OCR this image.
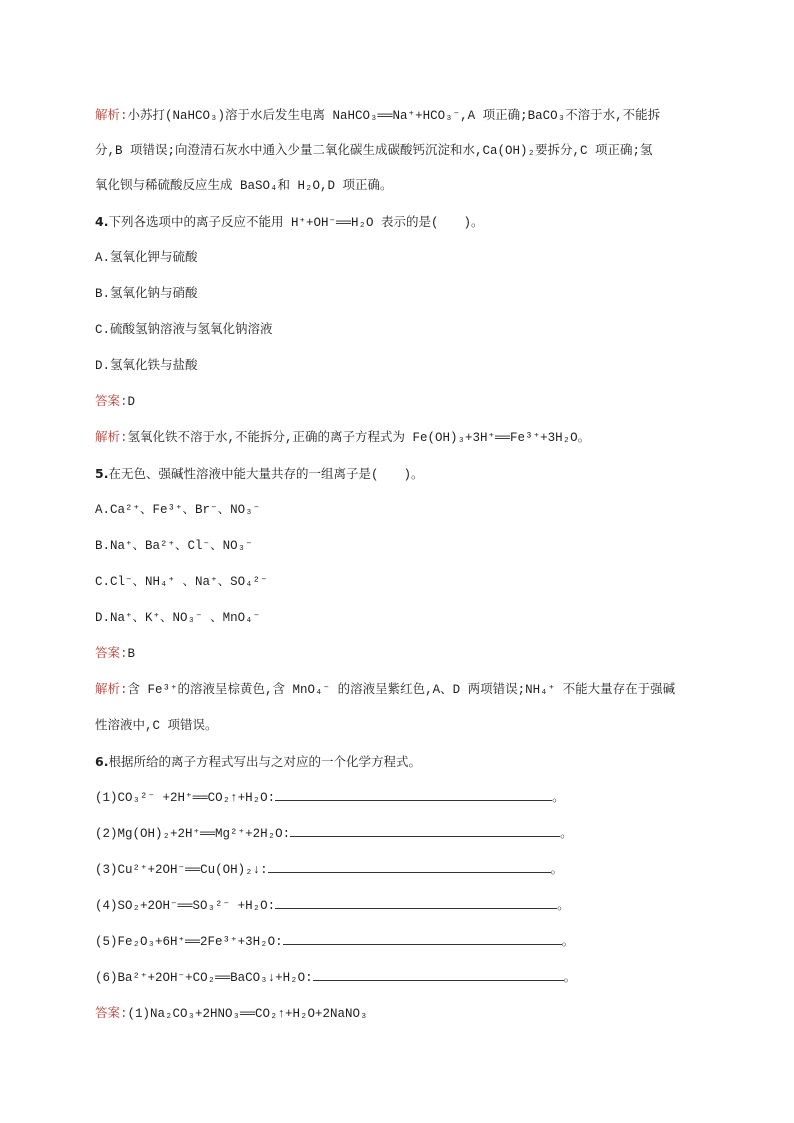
解析:小苏打(NaHCO₃)溶于水后发生电离 NaHCO₃══Na⁺+HCO₃⁻,A 项正确;BaCO₃不溶于水,不能拆
分,B 项错误;向澄清石灰水中通入少量二氧化碳生成碳酸钙沉淀和水,Ca(OH)₂要拆分,C 项正确;氢
氧化钡与稀硫酸反应生成 BaSO₄和 H₂O,D 项正确。
4.下列各选项中的离子反应不能用 H⁺+OH⁻══H₂O 表示的是(　　)。
A.氢氧化钾与硫酸
B.氢氧化钠与硝酸
C.硫酸氢钠溶液与氢氧化钠溶液
D.氢氧化铁与盐酸
答案:D
解析:氢氧化铁不溶于水,不能拆分,正确的离子方程式为 Fe(OH)₃+3H⁺══Fe³⁺+3H₂O。
5.在无色、强碱性溶液中能大量共存的一组离子是(　　)。
A.Ca²⁺、Fe³⁺、Br⁻、NO₃⁻
B.Na⁺、Ba²⁺、Cl⁻、NO₃⁻
C.Cl⁻、NH₄⁺ 、Na⁺、SO₄²⁻
D.Na⁺、K⁺、NO₃⁻ 、MnO₄⁻
答案:B
解析:含 Fe³⁺的溶液呈棕黄色,含 MnO₄⁻ 的溶液呈紫红色,A、D 两项错误;NH₄⁺ 不能大量存在于强碱
性溶液中,C 项错误。
6.根据所给的离子方程式写出与之对应的一个化学方程式。
(1)CO₃²⁻ +2H⁺══CO₂↑+H₂O:	。
(2)Mg(OH)₂+2H⁺══Mg²⁺+2H₂O:	。
(3)Cu²⁺+2OH⁻══Cu(OH)₂↓:	。
(4)SO₂+2OH⁻══SO₃²⁻ +H₂O:	。
(5)Fe₂O₃+6H⁺══2Fe³⁺+3H₂O:	。
(6)Ba²⁺+2OH⁻+CO₂══BaCO₃↓+H₂O:	。
答案:(1)Na₂CO₃+2HNO₃══CO₂↑+H₂O+2NaNO₃
